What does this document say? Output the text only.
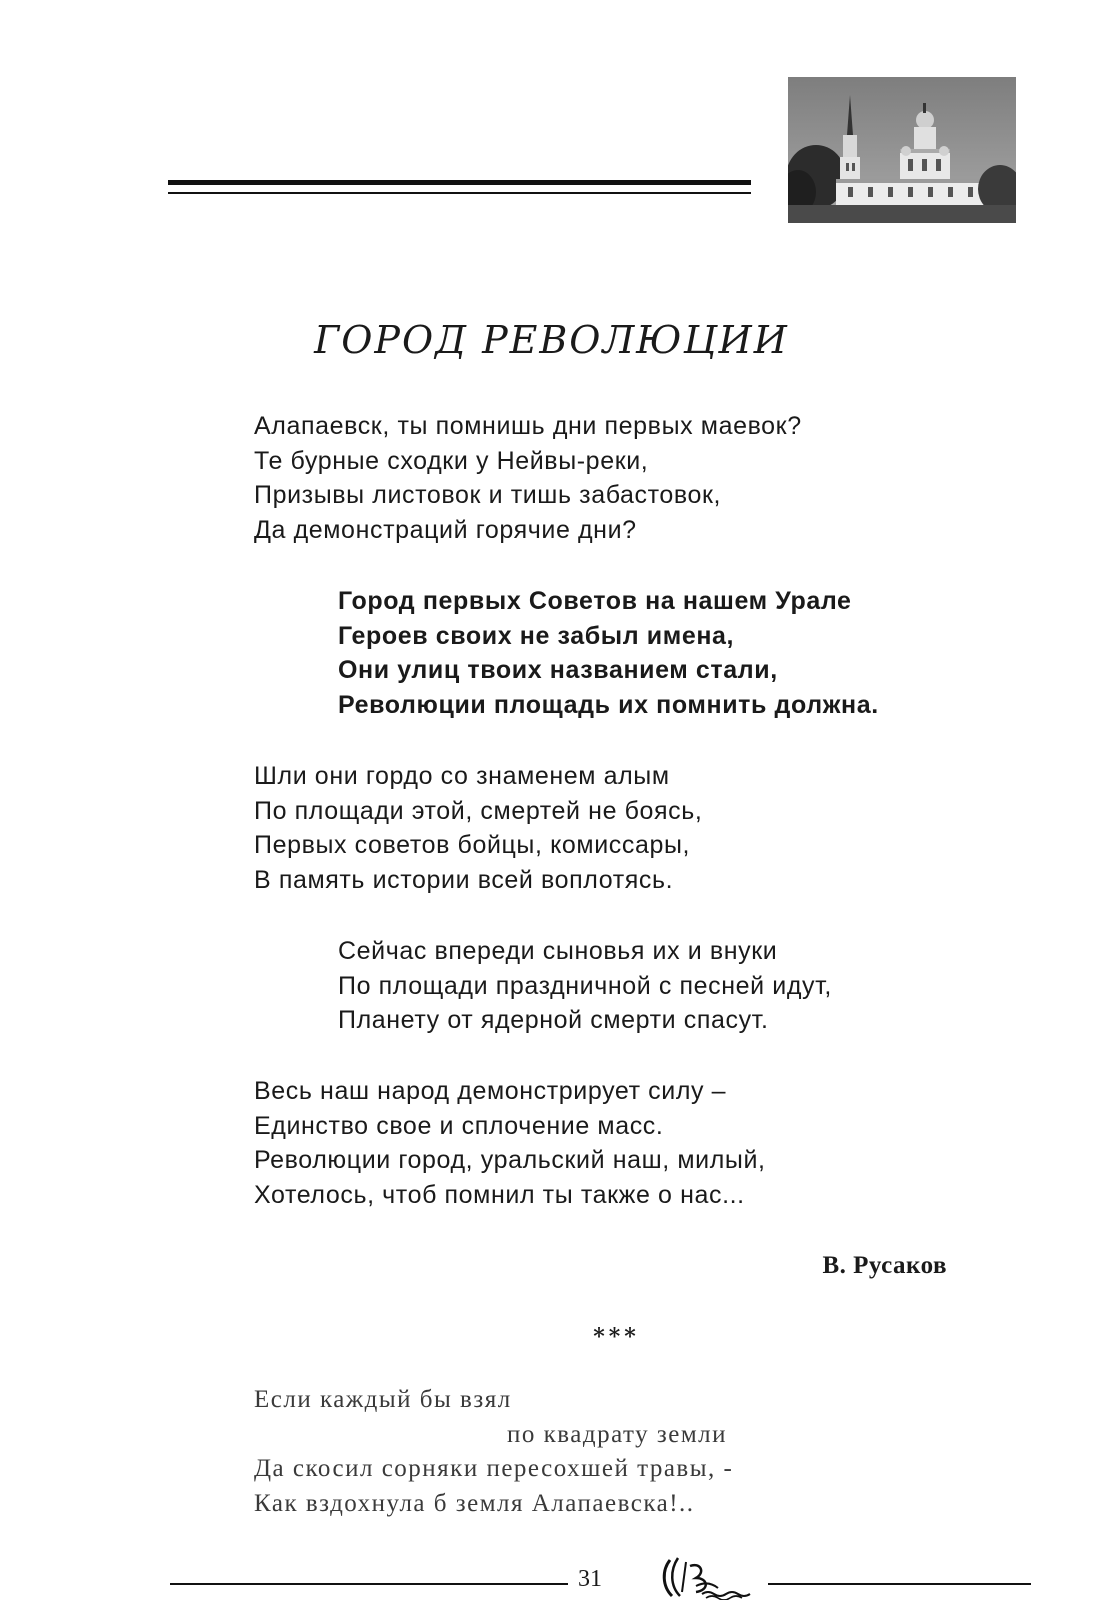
ГОРОД РЕВОЛЮЦИИ
Алапаевск, ты помнишь дни первых маевок?
Те бурные сходки у Нейвы-реки,
Призывы листовок и тишь забастовок,
Да демонстраций горячие дни?
Город первых Советов на нашем Урале
Героев своих не забыл имена,
Они улиц твоих названием стали,
Революции площадь их помнить должна.
Шли они гордо со знаменем алым
По площади этой, смертей не боясь,
Первых советов бойцы, комиссары,
В память истории всей воплотясь.
Сейчас впереди сыновья их и внуки
По площади праздничной с песней идут,
Планету от ядерной смерти спасут.
Весь наш народ демонстрирует силу –
Единство свое и сплочение масс.
Революции город, уральский наш, милый,
Хотелось, чтоб помнил ты также о нас...
В. Русаков
***
Если каждый бы взял
по квадрату земли
Да скосил сорняки пересохшей травы, -
Как вздохнула б земля Алапаевска!..
31
